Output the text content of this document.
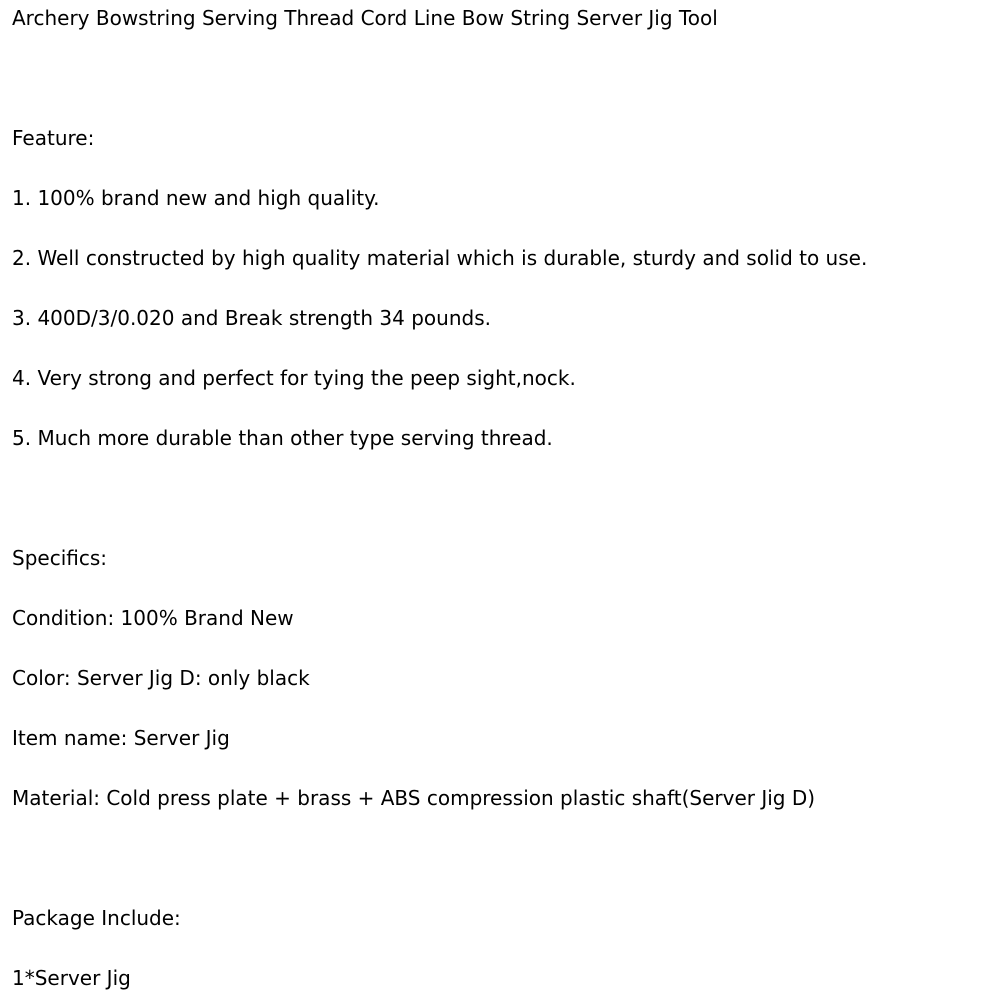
Archery Bowstring Serving Thread Cord Line Bow String Server Jig Tool
Feature:
1. 100% brand new and high quality.
2. Well constructed by high quality material which is durable, sturdy and solid to use.
3. 400D/3/0.020 and Break strength 34 pounds.
4. Very strong and perfect for tying the peep sight,nock.
5. Much more durable than other type serving thread.
Specifics:
Condition: 100% Brand New
Color: Server Jig D: only black
Item name: Server Jig
Material: Cold press plate + brass + ABS compression plastic shaft(Server Jig D)
Package Include:
1*Server Jig
